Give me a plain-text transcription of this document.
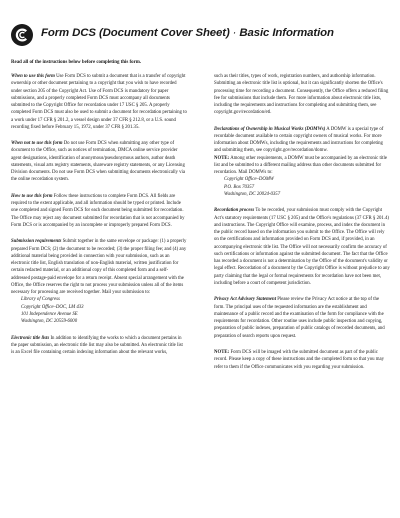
Form DCS (Document Cover Sheet) · Basic Information
Read all of the instructions below before completing this form.

When to use this form Use Form DCS to submit a document that is a transfer of copyright ownership or other document pertaining to a copyright that you wish to have recorded under section 205 of the Copyright Act. Use of Form DCS is mandatory for paper submissions, and a properly completed Form DCS must accompany all documents submitted to the Copyright Office for recordation under 17 USC § 205. A properly completed Form DCS must also be used to submit a document for recordation pertaining to a work under 17 CFR § 201.2, a vessel design under 37 CFR § 212.8, or a U.S. sound recording fixed before February 15, 1972, under 37 CFR § 201.35.

When not to use this form Do not use Form DCS when submitting any other type of document to the Office, such as notices of termination, DMCA online service provider agent designations, identification of anonymous/pseudonymous authors, author death statements, visual arts registry statements, shareware registry statements, or any Licensing Division documents. Do not use Form DCS when submitting documents electronically via the online recordation system.

How to use this form Follow these instructions to complete Form DCS. All fields are required to the extent applicable, and all information should be typed or printed. Include one completed and signed Form DCS for each document being submitted for recordation. The Office may reject any document submitted for recordation that is not accompanied by Form DCS or is accompanied by an incomplete or improperly prepared Form DCS.

Submission requirements Submit together in the same envelope or package: (1) a properly prepared Form DCS; (2) the document to be recorded; (3) the proper filing fee; and (4) any additional material being provided in connection with your submission, such as an electronic title list, English translation of non-English material, written justification for certain redacted material, or an additional copy of this completed form and a self-addressed postage-paid envelope for a return receipt. Absent special arrangement with the Office, the Office reserves the right to not process your submission unless all of the items necessary for processing are received together. Mail your submission to:
Library of Congress
Copyright Office–DOC, LM 433
101 Independence Avenue SE
Washington, DC 20559-6000

Electronic title lists In addition to identifying the works to which a document pertains in the paper submission, an electronic title list may also be submitted. An electronic title list is an Excel file containing certain indexing information about the relevant works,

such as their titles, types of work, registration numbers, and authorship information. Submitting an electronic title list is optional, but it can significantly shorten the Office's processing time for recording a document. Consequently, the Office offers a reduced filing fee for submissions that include them. For more information about electronic title lists, including the requirements and instructions for completing and submitting them, see copyright.gov/recordation/etl.

Declarations of Ownership in Musical Works (DOMWs) A DOMW is a special type of recordable document available to certain copyright owners of musical works. For more information about DOMWs, including the requirements and instructions for completing and submitting them, see copyright.gov/recordation/domw.
NOTE: Among other requirements, a DOMW must be accompanied by an electronic title list and be submitted to a different mailing address than other documents submitted for recordation. Mail DOMWs to:
Copyright Office–DOMW
P.O. Box 70357
Washington, DC 20024-0357

Recordation process To be recorded, your submission must comply with the Copyright Act's statutory requirements (17 USC § 205) and the Office's regulations (37 CFR § 201.4) and instructions. The Copyright Office will examine, process, and index the document in the public record based on the information you submit to the Office. The Office will rely on the certifications and information provided on Form DCS and, if provided, in an accompanying electronic title list. The Office will not necessarily confirm the accuracy of such certifications or information against the submitted document. The fact that the Office has recorded a document is not a determination by the Office of the document's validity or legal effect. Recordation of a document by the Copyright Office is without prejudice to any party claiming that the legal or formal requirements for recordation have not been met, including before a court of competent jurisdiction.

Privacy Act Advisory Statement Please review the Privacy Act notice at the top of the form. The principal uses of the requested information are the establishment and maintenance of a public record and the examination of the form for compliance with the requirements for recordation. Other routine uses include public inspection and copying, preparation of public indexes, preparation of public catalogs of recorded documents, and preparation of search reports upon request.

NOTE: Form DCS will be imaged with the submitted document as part of the public record. Please keep a copy of these instructions and the completed form so that you may refer to them if the Office communicates with you regarding your submission.
